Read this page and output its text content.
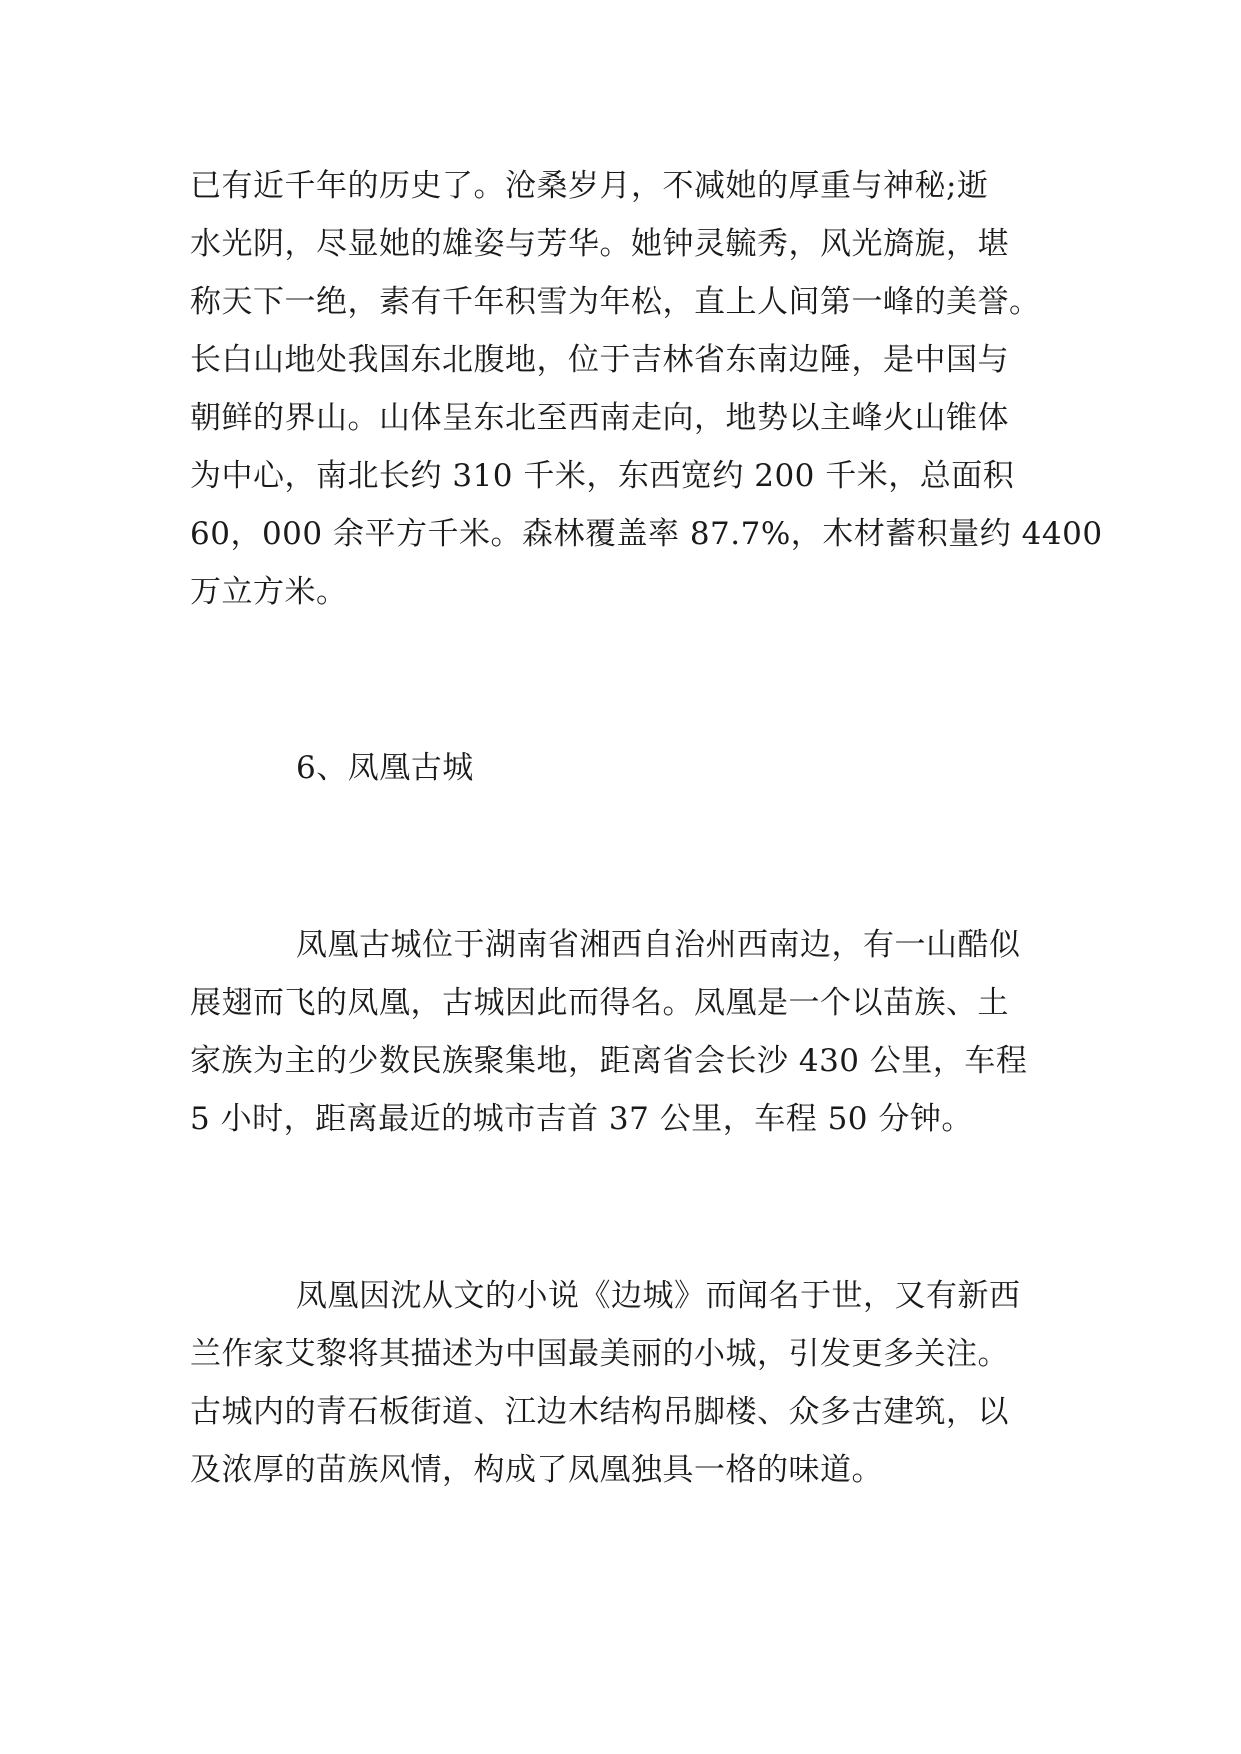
已有近千年的历史了。沧桑岁月，不减她的厚重与神秘;逝
水光阴，尽显她的雄姿与芳华。她钟灵毓秀，风光旖旎，堪
称天下一绝，素有千年积雪为年松，直上人间第一峰的美誉。
长白山地处我国东北腹地，位于吉林省东南边陲，是中国与
朝鲜的界山。山体呈东北至西南走向，地势以主峰火山锥体
为中心，南北长约 310 千米，东西宽约 200 千米，总面积
60，000 余平方千米。森林覆盖率 87.7%，木材蓄积量约 4400
万立方米。
6、凤凰古城
凤凰古城位于湖南省湘西自治州西南边，有一山酷似
展翅而飞的凤凰，古城因此而得名。凤凰是一个以苗族、土
家族为主的少数民族聚集地，距离省会长沙 430 公里，车程
5 小时，距离最近的城市吉首 37 公里，车程 50 分钟。
凤凰因沈从文的小说《边城》而闻名于世，又有新西
兰作家艾黎将其描述为中国最美丽的小城，引发更多关注。
古城内的青石板街道、江边木结构吊脚楼、众多古建筑，以
及浓厚的苗族风情，构成了凤凰独具一格的味道。
